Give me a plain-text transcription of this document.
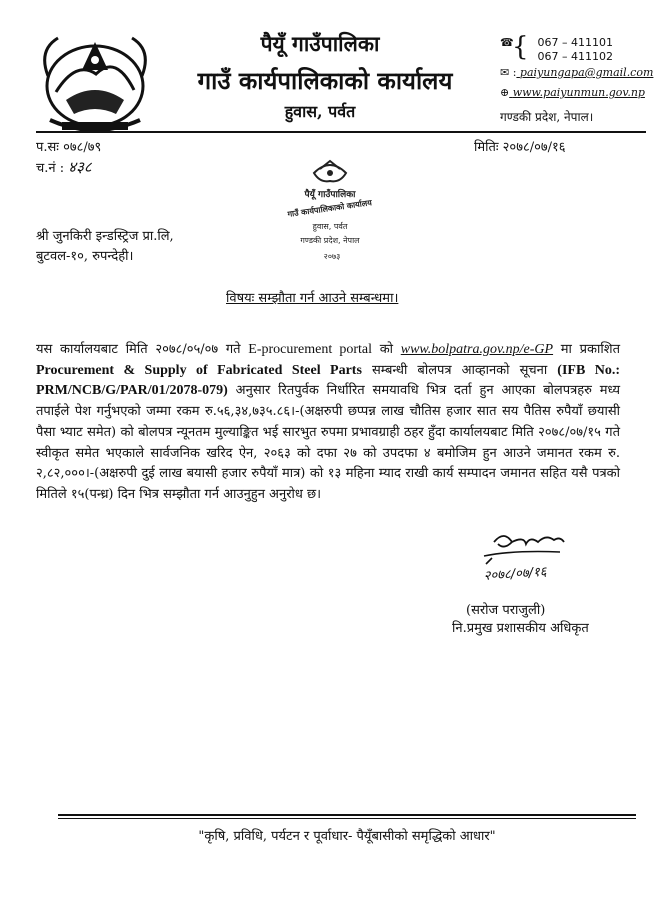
पैयूँ गाउँपालिका
गाउँ कार्यपालिकाको कार्यालय
हुवास, पर्वत
☎ 067 – 411101
{ 067 – 411102
✉ : paiyungapa@gmail.com
⊕ www.paiyunmun.gov.np
गण्डकी प्रदेश, नेपाल।
प.सः ०७८/७९
च.नं : ४३८
मितिः २०७८/०७/१६
पैयूँ गाउँपालिका
गाउँ कार्यपालिकाको कार्यालय
हुवास, पर्वत
गण्डकी प्रदेश, नेपाल
२०७३
श्री जुनकिरी इन्डस्ट्रिज प्रा.लि,
बुटवल-१०, रुपन्देही।
विषयः सम्झौता गर्न आउने सम्बन्धमा।
यस कार्यालयबाट मिति २०७८/०५/०७ गते E-procurement portal को www.bolpatra.gov.np/e-GP मा प्रकाशित Procurement & Supply of Fabricated Steel Parts सम्बन्धी बोलपत्र आव्हानको सूचना (IFB No.: PRM/NCB/G/PAR/01/2078-079) अनुसार रितपुर्वक निर्धारित समयावधि भित्र दर्ता हुन आएका बोलपत्रहरु मध्य तपाईले पेश गर्नुभएको जम्मा रकम रु.५६,३४,७३५.८६।-(अक्षरुपी छप्पन्न लाख चौतिस हजार सात सय पैतिस रुपैयाँ छयासी पैसा भ्याट समेत) को बोलपत्र न्यूनतम मुल्याङ्कित भई सारभुत रुपमा प्रभावग्राही ठहर हुँदा कार्यालयबाट मिति २०७८/०७/१५ गते स्वीकृत समेत भएकाले सार्वजनिक खरिद ऐन, २०६३ को दफा २७ को उपदफा ४ बमोजिम हुन आउने जमानत रकम रु. २,८२,०००।-(अक्षरुपी दुई लाख बयासी हजार रुपैयाँ मात्र) को १३ महिना म्याद राखी कार्य सम्पादन जमानत सहित यसै पत्रको मितिले १५(पन्ध्र) दिन भित्र सम्झौता गर्न आउनुहुन अनुरोध छ।
२०७८/०७/१६
(सरोज पराजुली)
नि.प्रमुख प्रशासकीय अधिकृत
"कृषि, प्रविधि, पर्यटन र पूर्वाधार- पैयूँबासीको समृद्धिको आधार"
